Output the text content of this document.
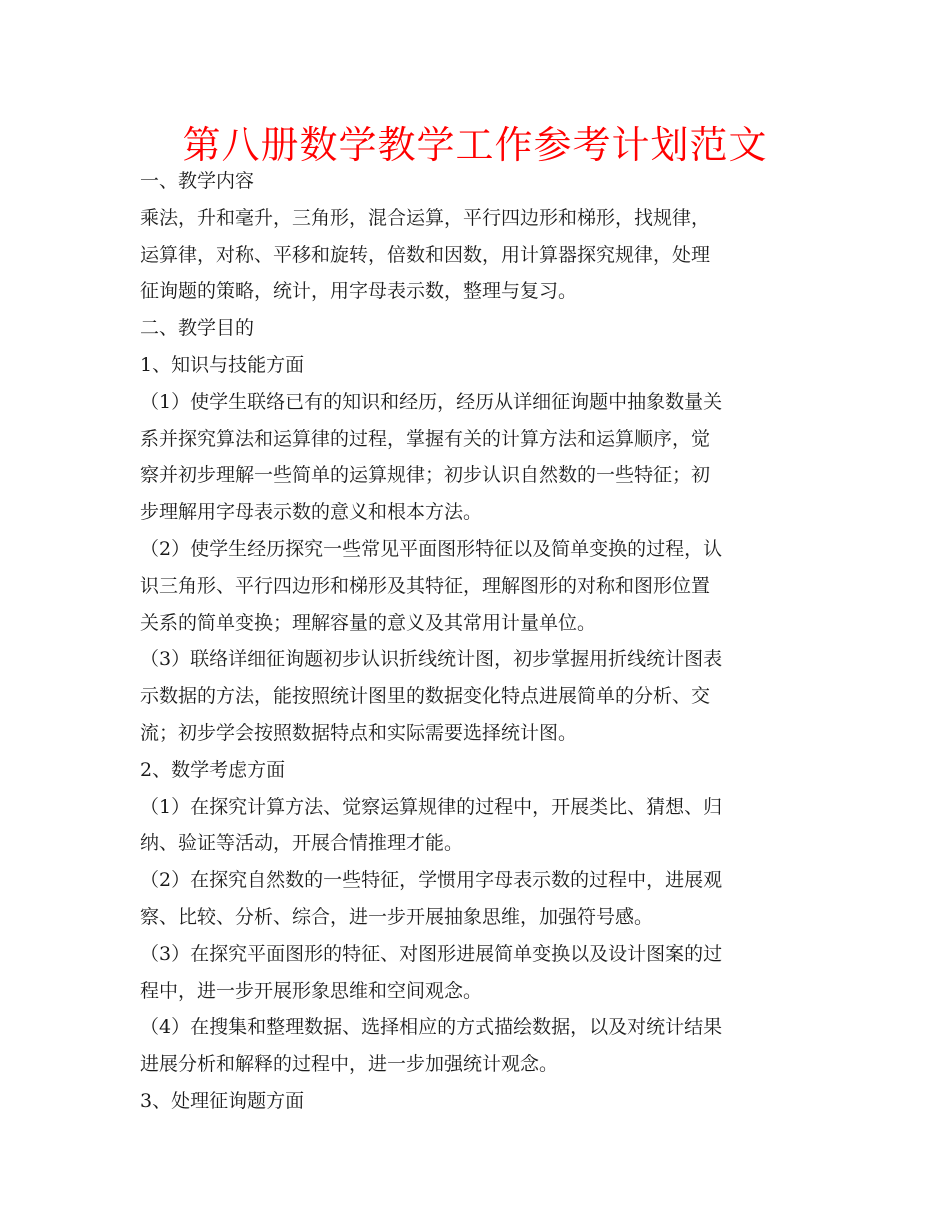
第八册数学教学工作参考计划范文
一、教学内容
乘法，升和毫升，三角形，混合运算，平行四边形和梯形，找规律，
运算律，对称、平移和旋转，倍数和因数，用计算器探究规律，处理
征询题的策略，统计，用字母表示数，整理与复习。
二、教学目的
1、知识与技能方面
（1）使学生联络已有的知识和经历，经历从详细征询题中抽象数量关
系并探究算法和运算律的过程，掌握有关的计算方法和运算顺序，觉
察并初步理解一些简单的运算规律；初步认识自然数的一些特征；初
步理解用字母表示数的意义和根本方法。
（2）使学生经历探究一些常见平面图形特征以及简单变换的过程，认
识三角形、平行四边形和梯形及其特征，理解图形的对称和图形位置
关系的简单变换；理解容量的意义及其常用计量单位。
（3）联络详细征询题初步认识折线统计图，初步掌握用折线统计图表
示数据的方法，能按照统计图里的数据变化特点进展简单的分析、交
流；初步学会按照数据特点和实际需要选择统计图。
2、数学考虑方面
（1）在探究计算方法、觉察运算规律的过程中，开展类比、猜想、归
纳、验证等活动，开展合情推理才能。
（2）在探究自然数的一些特征，学惯用字母表示数的过程中，进展观
察、比较、分析、综合，进一步开展抽象思维，加强符号感。
（3）在探究平面图形的特征、对图形进展简单变换以及设计图案的过
程中，进一步开展形象思维和空间观念。
（4）在搜集和整理数据、选择相应的方式描绘数据，以及对统计结果
进展分析和解释的过程中，进一步加强统计观念。
3、处理征询题方面
